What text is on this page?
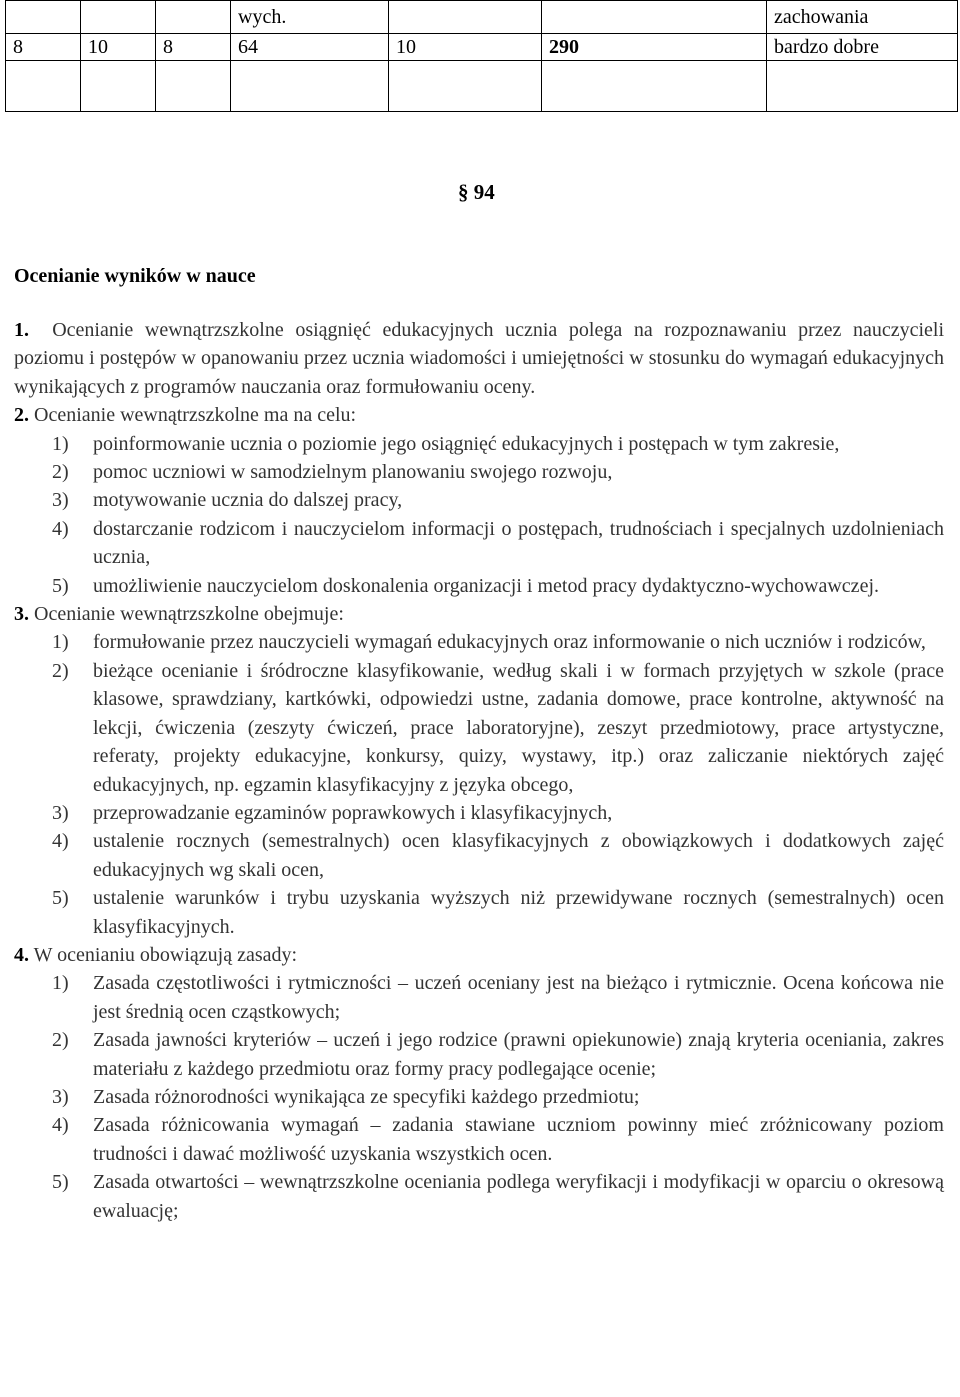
			wych.			zachowania
8	10	8	64	10	290	bardzo dobre

§ 94
Ocenianie wyników w nauce

1. Ocenianie wewnątrzszkolne osiągnięć edukacyjnych ucznia polega na rozpoznawaniu przez nauczycieli poziomu i postępów w opanowaniu przez ucznia wiadomości i umiejętności w stosunku do wymagań edukacyjnych wynikających z programów nauczania oraz formułowaniu oceny.

2. Ocenianie wewnątrzszkolne ma na celu:

1) poinformowanie ucznia o poziomie jego osiągnięć edukacyjnych i postępach w tym zakresie,
2) pomoc uczniowi w samodzielnym planowaniu swojego rozwoju,
3) motywowanie ucznia do dalszej pracy,
4) dostarczanie rodzicom i nauczycielom informacji o postępach, trudnościach i specjalnych uzdolnieniach ucznia,
5) umożliwienie nauczycielom doskonalenia organizacji i metod pracy dydaktyczno-wychowawczej.

3. Ocenianie wewnątrzszkolne obejmuje:

1) formułowanie przez nauczycieli wymagań edukacyjnych oraz informowanie o nich uczniów i rodziców,
2) bieżące ocenianie i śródroczne klasyfikowanie, według skali i w formach przyjętych w szkole (prace klasowe, sprawdziany, kartkówki, odpowiedzi ustne, zadania domowe, prace kontrolne, aktywność na lekcji, ćwiczenia (zeszyty ćwiczeń, prace laboratoryjne), zeszyt przedmiotowy, prace artystyczne, referaty, projekty edukacyjne, konkursy, quizy, wystawy, itp.) oraz zaliczanie niektórych zajęć edukacyjnych, np. egzamin klasyfikacyjny z języka obcego,
3) przeprowadzanie egzaminów poprawkowych i klasyfikacyjnych,
4) ustalenie rocznych (semestralnych) ocen klasyfikacyjnych z obowiązkowych i dodatkowych zajęć edukacyjnych wg skali ocen,
5) ustalenie warunków i trybu uzyskania wyższych niż przewidywane rocznych (semestralnych) ocen klasyfikacyjnych.

4. W ocenianiu obowiązują zasady:

1) Zasada częstotliwości i rytmiczności – uczeń oceniany jest na bieżąco i rytmicznie. Ocena końcowa nie jest średnią ocen cząstkowych;
2) Zasada jawności kryteriów – uczeń i jego rodzice (prawni opiekunowie) znają kryteria oceniania, zakres materiału z każdego przedmiotu oraz formy pracy podlegające ocenie;
3) Zasada różnorodności wynikająca ze specyfiki każdego przedmiotu;
4) Zasada różnicowania wymagań – zadania stawiane uczniom powinny mieć zróżnicowany poziom trudności i dawać możliwość uzyskania wszystkich ocen.
5) Zasada otwartości – wewnątrzszkolne oceniania podlega weryfikacji i modyfikacji w oparciu o okresową ewaluację;
